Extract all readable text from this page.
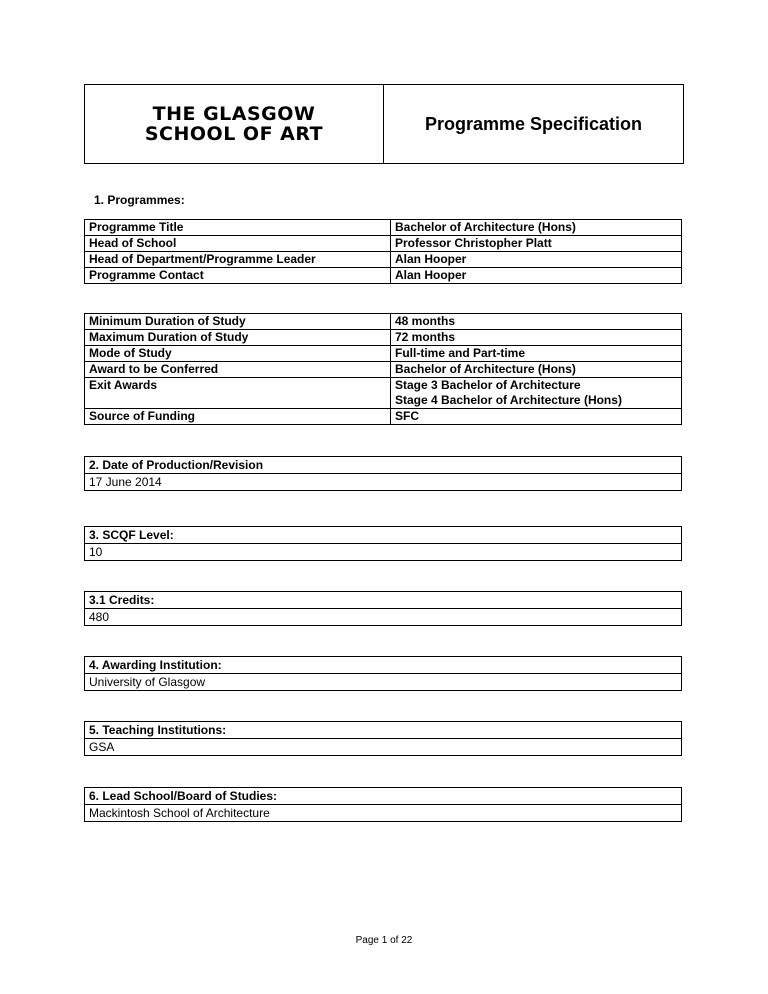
THE GLASGOW
SCHOOL OF ART	Programme Specification
1. Programmes:
Programme Title	Bachelor of Architecture (Hons)
Head of School	Professor Christopher Platt
Head of Department/Programme Leader	Alan Hooper
Programme Contact	Alan Hooper
Minimum Duration of Study	48 months
Maximum Duration of Study	72 months
Mode of Study	Full-time and Part-time
Award to be Conferred	Bachelor of Architecture (Hons)
Exit Awards	Stage 3 Bachelor of Architecture
	Stage 4 Bachelor of Architecture (Hons)
Source of Funding	SFC
2. Date of Production/Revision
17 June 2014
3. SCQF Level:
10
3.1 Credits:
480
4. Awarding Institution:
University of Glasgow
5. Teaching Institutions:
GSA
6. Lead School/Board of Studies:
Mackintosh School of Architecture
Page 1 of 22
